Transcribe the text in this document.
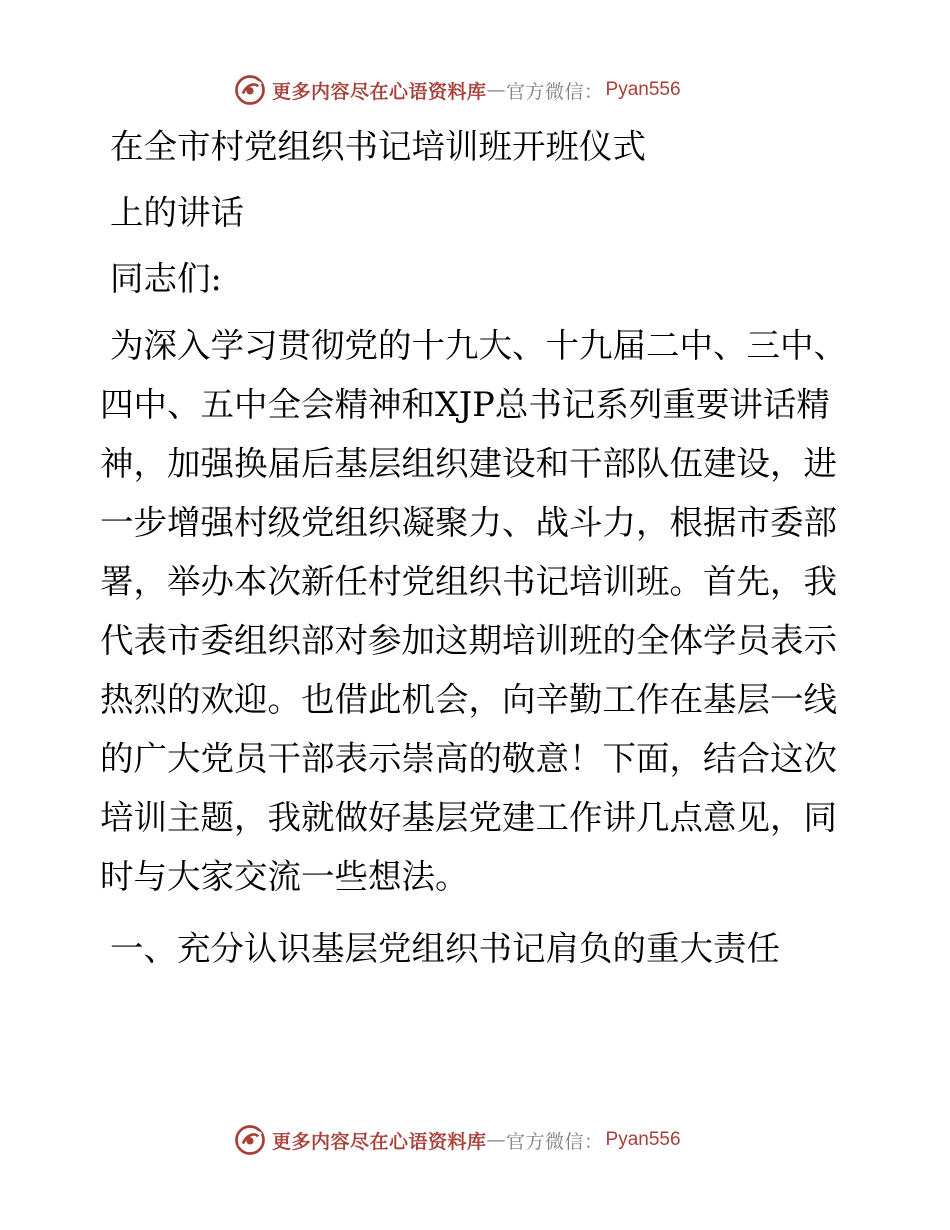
更多内容尽在心语资料库 — 官方微信： Pyan556

在全市村党组织书记培训班开班仪式

上的讲话

同志们:

为深入学习贯彻党的十九大、十九届二中、三中、四中、五中全会精神和XJP总书记系列重要讲话精神，加强换届后基层组织建设和干部队伍建设，进一步增强村级党组织凝聚力、战斗力，根据市委部署，举办本次新任村党组织书记培训班。首先，我代表市委组织部对参加这期培训班的全体学员表示热烈的欢迎。也借此机会，向辛勤工作在基层一线的广大党员干部表示崇高的敬意！下面，结合这次培训主题，我就做好基层党建工作讲几点意见，同时与大家交流一些想法。

一、充分认识基层党组织书记肩负的重大责任

更多内容尽在心语资料库 — 官方微信： Pyan556
